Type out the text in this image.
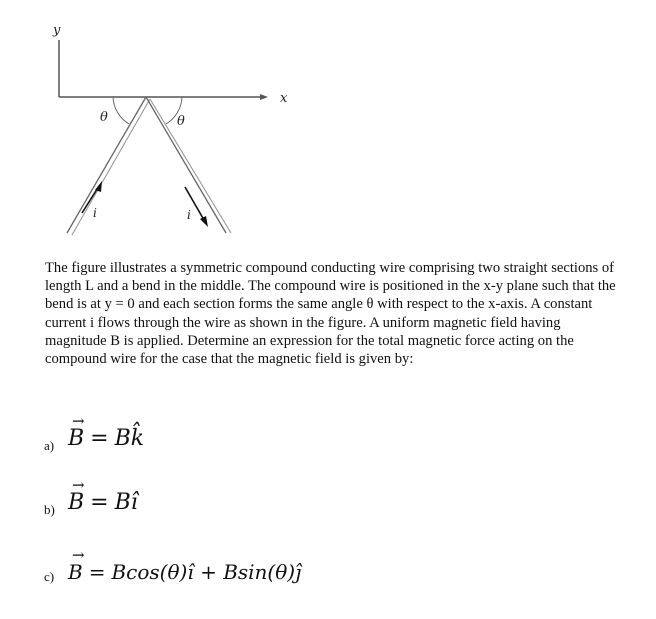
y
x
θ	θ
i	i
The figure illustrates a symmetric compound conducting wire comprising two straight sections of length L and a bend in the middle. The compound wire is positioned in the x-y plane such that the bend is at y = 0 and each section forms the same angle θ with respect to the x-axis. A constant current i flows through the wire as shown in the figure. A uniform magnetic field having magnitude B is applied. Determine an expression for the total magnetic force acting on the compound wire for the case that the magnetic field is given by:
a) → B = Bk̂
b) → B = Bî
c) → B = Bcos(θ)î + Bsin(θ)ĵ
